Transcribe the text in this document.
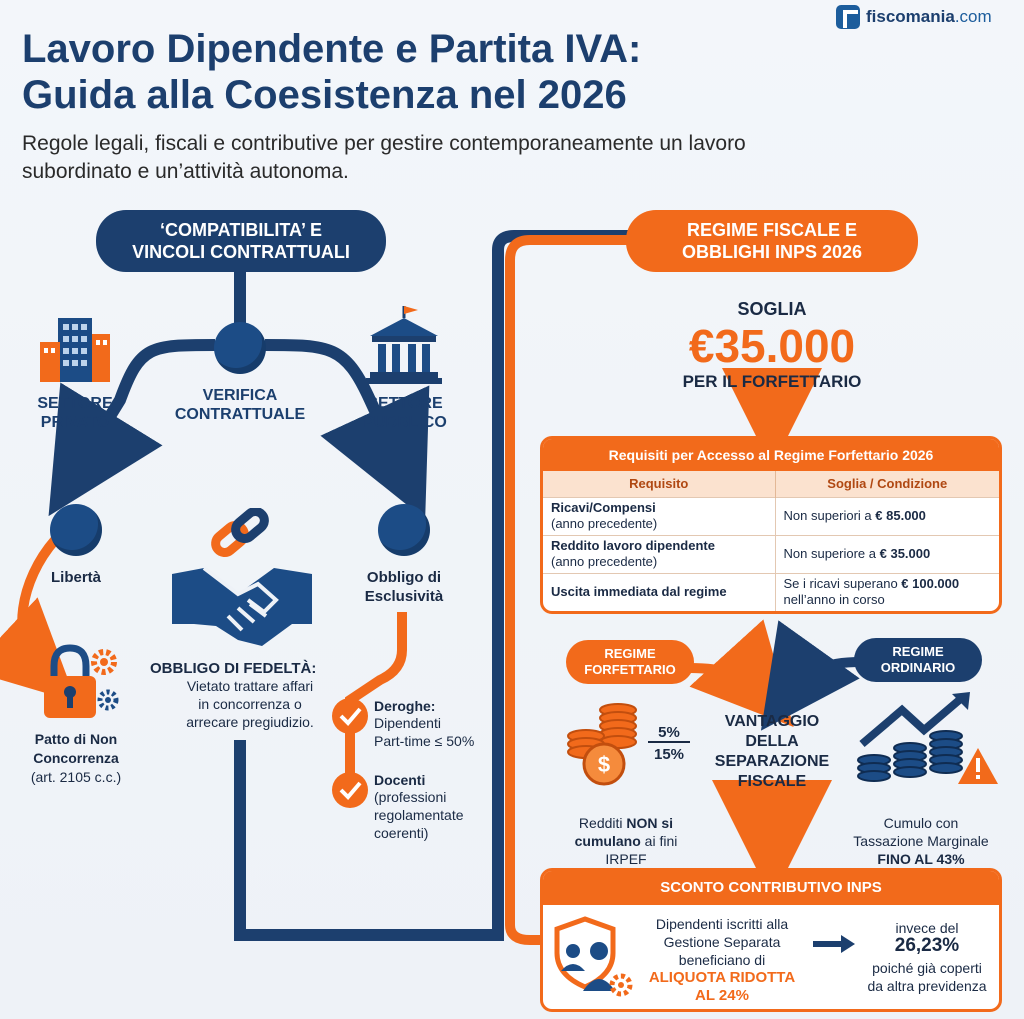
fiscomania.com
Lavoro Dipendente e Partita IVA:
Guida alla Coesistenza nel 2026

Regole legali, fiscali e contributive per gestire contemporaneamente un lavoro subordinato e un’attività autonoma.

‘COMPATIBILITA’ E
VINCOLI CONTRATTUALI
SETTORE
PRIVATO
VERIFICA
CONTRATTUALE
SETTORE
PUBBLICO
Libertà	Obbligo di
Esclusività
OBBLIGO DI FEDELTÀ:
Vietato trattare affari
in concorrenza o
arrecare pregiudizio.
Patto di Non
Concorrenza
(art. 2105 c.c.)
Deroghe:
Dipendenti
Part-time ≤ 50%
Docenti
(professioni
regolamentate
coerenti)
REGIME FISCALE E
OBBLIGHI INPS 2026
SOGLIA
€35.000
PER IL FORFETTARIO
Requisiti per Accesso al Regime Forfettario 2026
Requisito	Soglia / Condizione
Ricavi/Compensi
(anno precedente)	Non superiori a € 85.000
Reddito lavoro dipendente
(anno precedente)	Non superiore a € 35.000
Uscita immediata dal regime	Se i ricavi superano € 100.000
nell’anno in corso
REGIME
FORFETTARIO
REGIME
ORDINARIO
$
5%
15%
VANTAGGIO
DELLA
SEPARAZIONE
FISCALE

Redditi NON si
cumulano ai fini
IRPEF

Cumulo con
Tassazione Marginale
FINO AL 43%

SCONTO CONTRIBUTIVO INPS
Dipendenti iscritti alla
Gestione Separata
beneficiano di
ALIQUOTA RIDOTTA
AL 24%
invece del
26,23%
poiché già coperti
da altra previdenza
